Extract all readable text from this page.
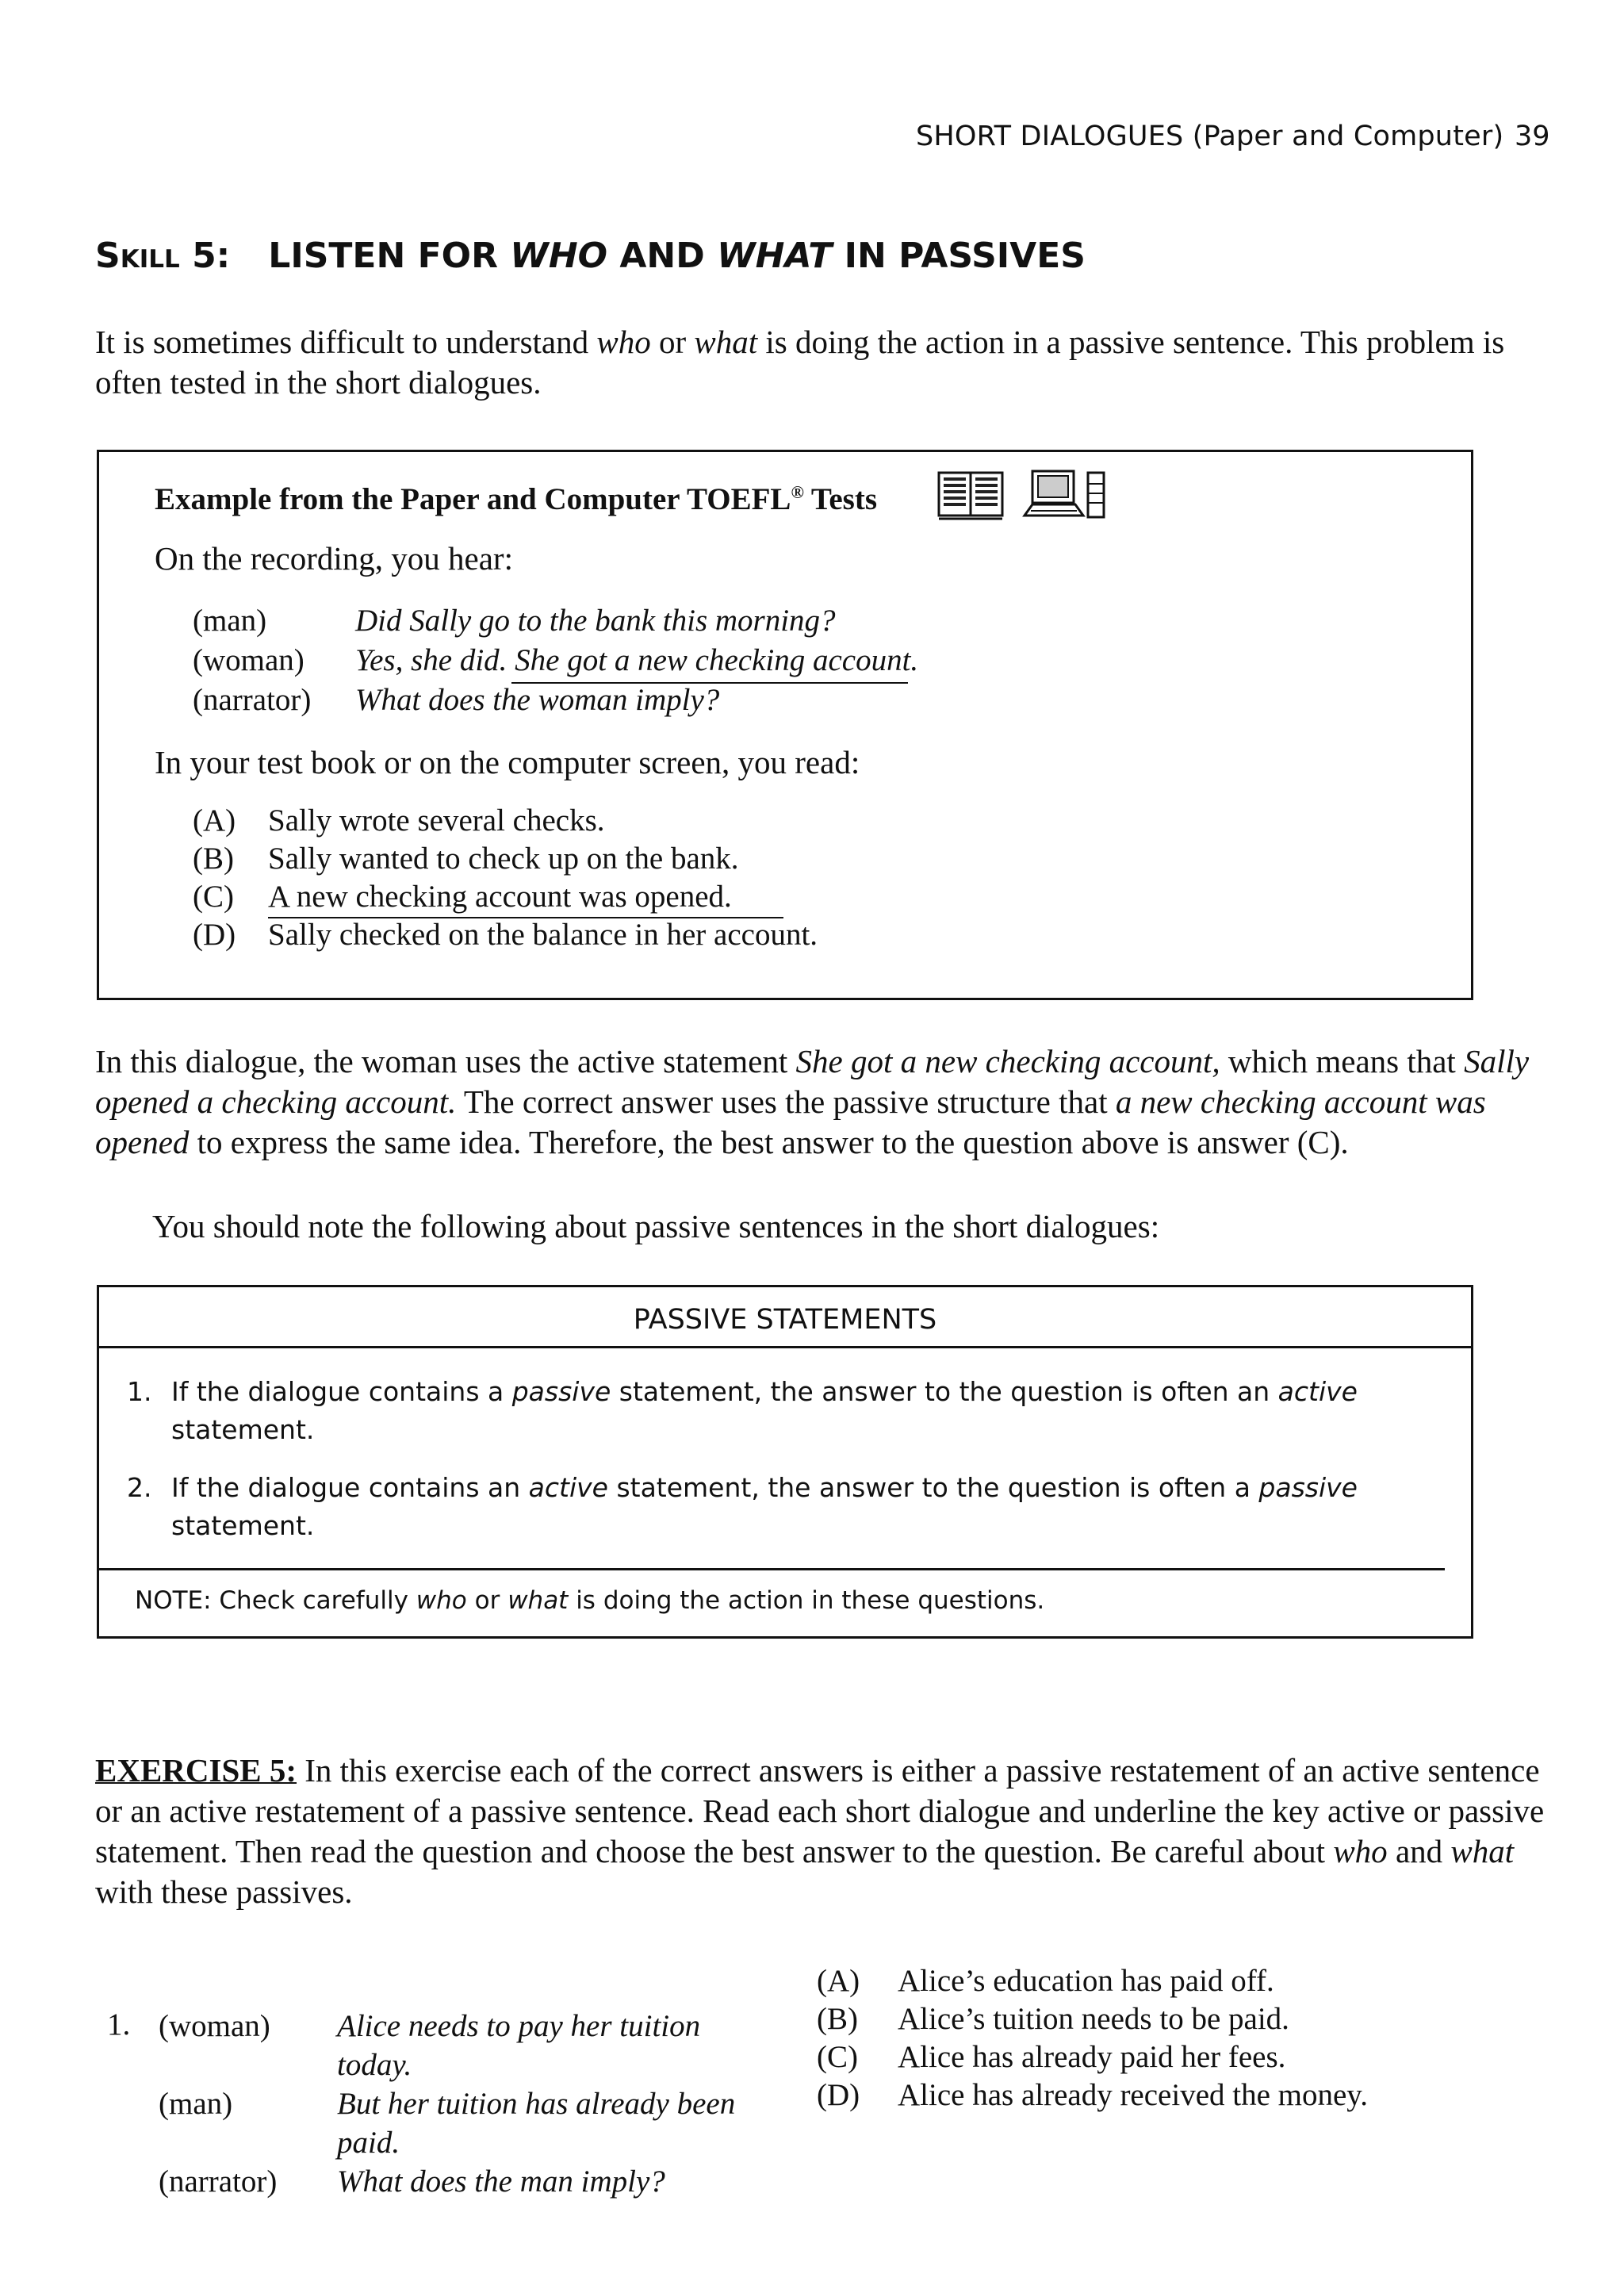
SHORT DIALOGUES (Paper and Computer) 39
Skill 5: LISTEN FOR WHO AND WHAT IN PASSIVES
It is sometimes difficult to understand who or what is doing the action in a passive sentence. This problem is often tested in the short dialogues.
Example from the Paper and Computer TOEFL® Tests
On the recording, you hear:
(man)	Did Sally go to the bank this morning?
(woman) Yes, she did. She got a new checking account.
(narrator) What does the woman imply?
In your test book or on the computer screen, you read:
(A) Sally wrote several checks.
(B) Sally wanted to check up on the bank.
(C) A new checking account was opened.
(D) Sally checked on the balance in her account.
In this dialogue, the woman uses the active statement She got a new checking account, which means that Sally opened a checking account. The correct answer uses the passive structure that a new checking account was opened to express the same idea. Therefore, the best answer to the question above is answer (C).
You should note the following about passive sentences in the short dialogues:
PASSIVE STATEMENTS
1. If the dialogue contains a passive statement, the answer to the question is often an active statement.
2. If the dialogue contains an active statement, the answer to the question is often a passive statement.
NOTE: Check carefully who or what is doing the action in these questions.
EXERCISE 5: In this exercise each of the correct answers is either a passive restatement of an active sentence or an active restatement of a passive sentence. Read each short dialogue and underline the key active or passive statement. Then read the question and choose the best answer to the question. Be careful about who and what with these passives.
1. (woman) Alice needs to pay her tuition today.
(man)	But her tuition has already been paid.
(narrator) What does the man imply?
(A) Alice’s education has paid off.
(B) Alice’s tuition needs to be paid.
(C) Alice has already paid her fees.
(D) Alice has already received the money.
